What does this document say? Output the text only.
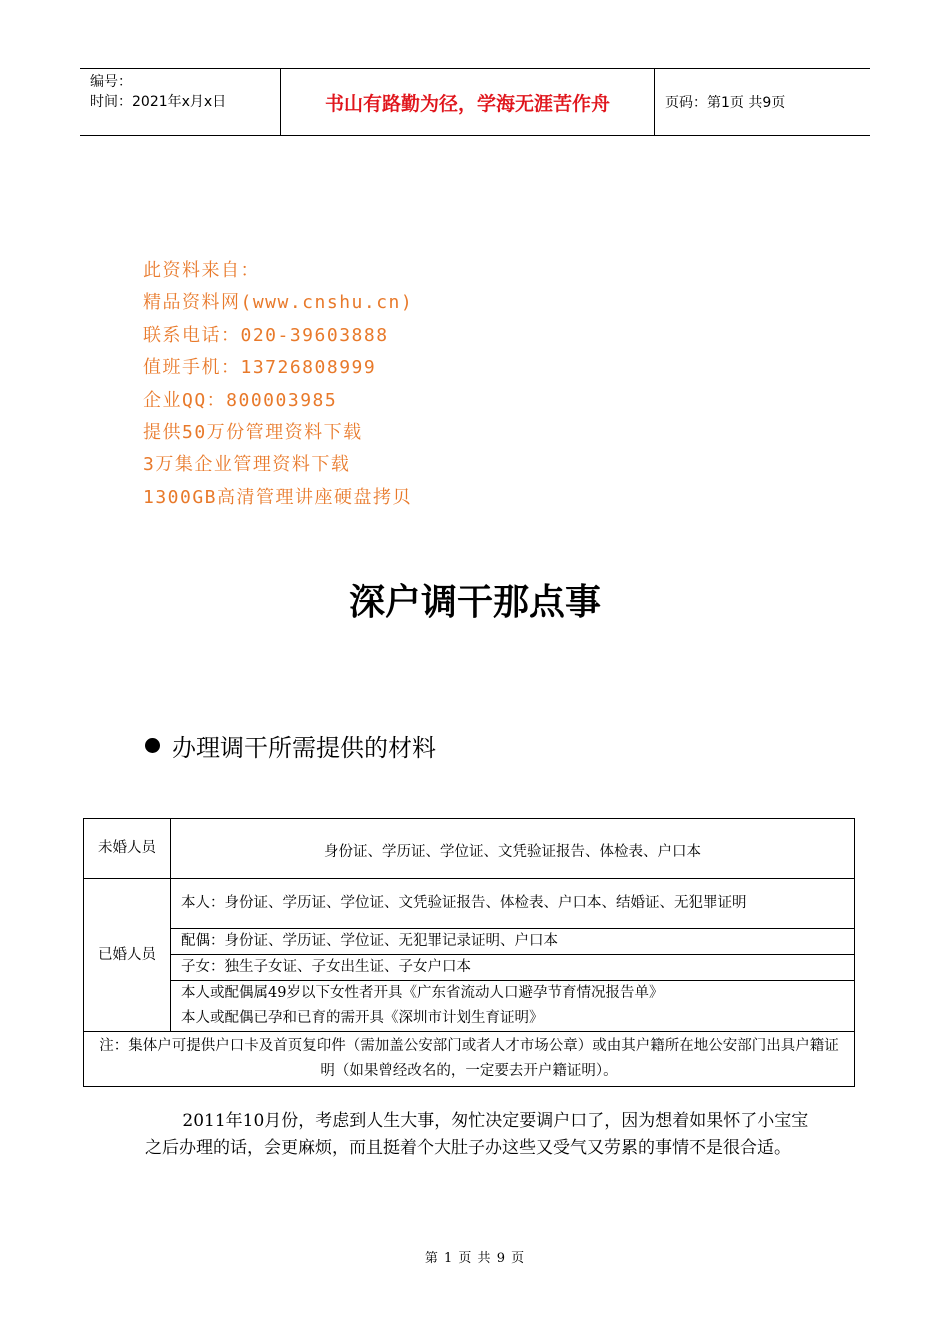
编号：
时间：2021年x月x日	书山有路勤为径，学海无涯苦作舟	页码：第1页 共9页
此资料来自：
精品资料网(www.cnshu.cn)
联系电话：020-39603888
值班手机：13726808999
企业QQ：800003985
提供50万份管理资料下载
3万集企业管理资料下载
1300GB高清管理讲座硬盘拷贝
深户调干那点事
办理调干所需提供的材料
未婚人员	身份证、学历证、学位证、文凭验证报告、体检表、户口本
已婚人员	本人：身份证、学历证、学位证、文凭验证报告、体检表、户口本、结婚证、无犯罪证明
	配偶：身份证、学历证、学位证、无犯罪记录证明、户口本
	子女：独生子女证、子女出生证、子女户口本

	本人或配偶属49岁以下女性者开具《广东省流动人口避孕节育情况报告单》
本人或配偶已孕和已育的需开具《深圳市计划生育证明》

注：集体户可提供户口卡及首页复印件（需加盖公安部门或者人才市场公章）或由其户籍所在地公安部门出具户籍证明（如果曾经改名的，一定要去开户籍证明）。	
2011年10月份，考虑到人生大事，匆忙决定要调户口了，因为想着如果怀了小宝宝之后办理的话，会更麻烦，而且挺着个大肚子办这些又受气又劳累的事情不是很合适。
第 1 页 共 9 页
